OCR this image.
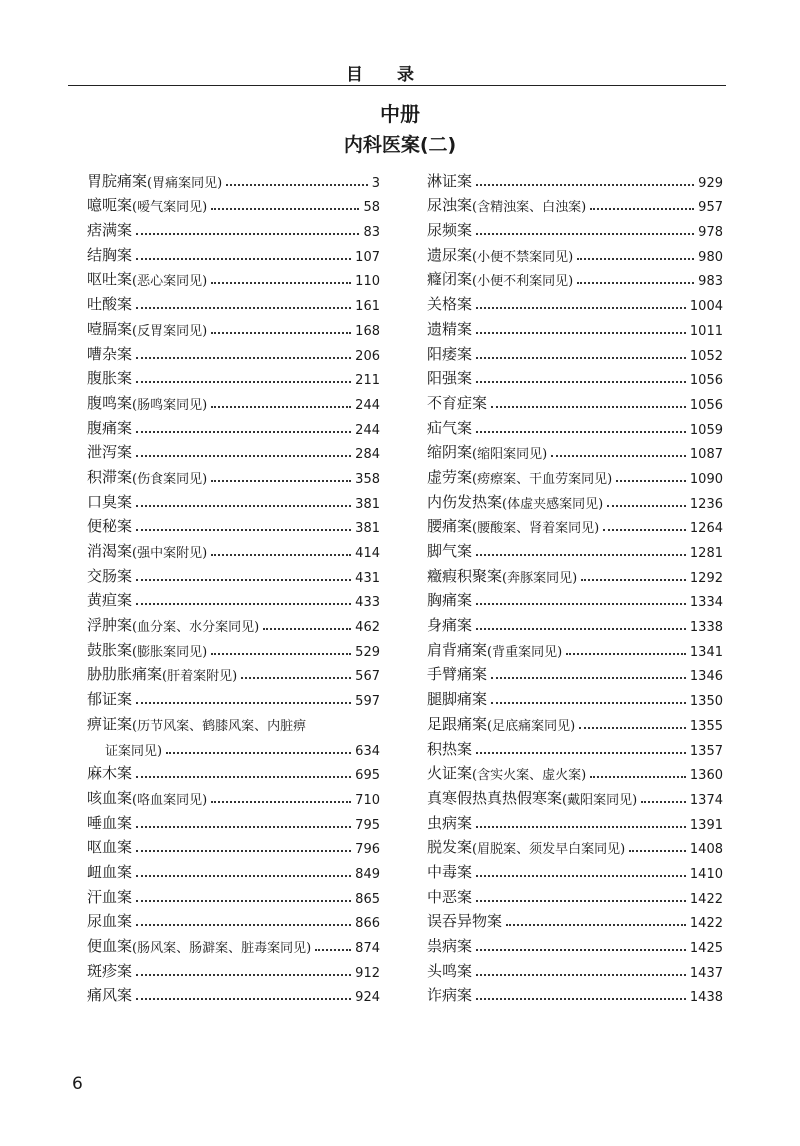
目录
中册
内科医案(二)
胃脘痛案 (胃痛案同见)	3
噫呃案 (嗳气案同见)	58
痞满案	83
结胸案	107
呕吐案 (恶心案同见)	110
吐酸案	161
噎膈案 (反胃案同见)	168
嘈杂案	206
腹胀案	211
腹鸣案 (肠鸣案同见)	244
腹痛案	244
泄泻案	284
积滞案 (伤食案同见)	358
口臭案	381
便秘案	381
消渴案 (强中案附见)	414
交肠案	431
黄疸案	433
浮肿案 (血分案、水分案同见)	462
鼓胀案 (膨胀案同见)	529
胁肋胀痛案 (肝着案附见)	567
郁证案	597
痹证案 (历节风案、鹤膝风案、内脏痹
证案同见)	634
麻木案	695
咳血案 (咯血案同见)	710
唾血案	795
呕血案	796
衄血案	849
汗血案	865
尿血案	866
便血案 (肠风案、肠澼案、脏毒案同见)	874
斑疹案	912
痛风案	924
淋证案	929
尿浊案 (含精浊案、白浊案)	957
尿频案	978
遗尿案 (小便不禁案同见)	980
癃闭案 (小便不利案同见)	983
关格案	1004
遗精案	1011
阳痿案	1052
阳强案	1056
不育症案	1056
疝气案	1059
缩阴案 (缩阳案同见)	1087
虚劳案 (痨瘵案、干血劳案同见)	1090
内伤发热案 (体虚夹感案同见)	1236
腰痛案 (腰酸案、肾着案同见)	1264
脚气案	1281
癥瘕积聚案 (奔豚案同见)	1292
胸痛案	1334
身痛案	1338
肩背痛案 (背重案同见)	1341
手臂痛案	1346
腿脚痛案	1350
足跟痛案 (足底痛案同见)	1355
积热案	1357
火证案 (含实火案、虚火案)	1360
真寒假热真热假寒案 (戴阳案同见)	1374
虫病案	1391
脱发案 (眉脱案、须发早白案同见)	1408
中毒案	1410
中恶案	1422
误吞异物案	1422
祟病案	1425
头鸣案	1437
诈病案	1438
6
